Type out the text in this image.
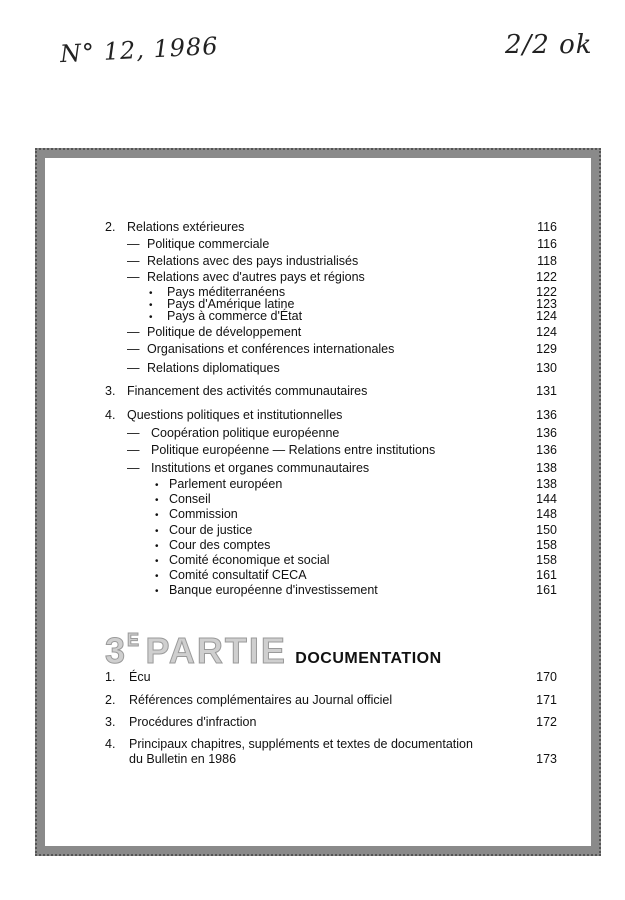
N° 12, 1986	2/2 ok
2. Relations extérieures	116
— Politique commerciale	116
— Relations avec des pays industrialisés	118
— Relations avec d'autres pays et régions	122
• Pays méditerranéens	122
• Pays d'Amérique latine	123
• Pays à commerce d'État	124
— Politique de développement	124
— Organisations et conférences internationales	129
— Relations diplomatiques	130
3. Financement des activités communautaires	131
4. Questions politiques et institutionnelles	136
— Coopération politique européenne	136
— Politique européenne — Relations entre institutions	136
— Institutions et organes communautaires	138
• Parlement européen	138
• Conseil	144
• Commission	148
• Cour de justice	150
• Cour des comptes	158
• Comité économique et social	158
• Comité consultatif CECA	161
• Banque européenne d'investissement	161
3E PARTIE DOCUMENTATION
1. Écu	170
2. Références complémentaires au Journal officiel	171
3. Procédures d'infraction	172
4. Principaux chapitres, suppléments et textes de documentation
du Bulletin en 1986	173
